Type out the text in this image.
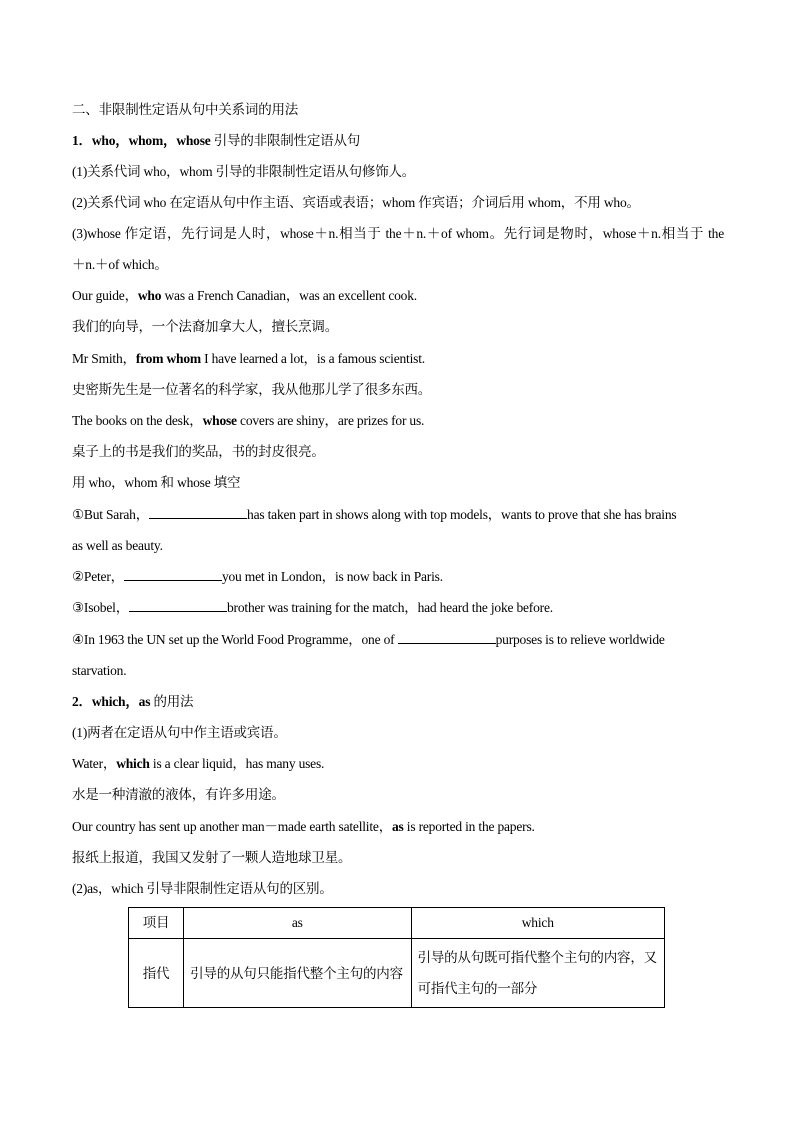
二、非限制性定语从句中关系词的用法
1．who，whom，whose 引导的非限制性定语从句
(1)关系代词 who，whom 引导的非限制性定语从句修饰人。
(2)关系代词 who 在定语从句中作主语、宾语或表语；whom 作宾语；介词后用 whom，不用 who。
(3)whose 作定语，先行词是人时，whose＋n.相当于 the＋n.＋of whom。先行词是物时，whose＋n.相当于 the
＋n.＋of which。
Our guide，who was a French Canadian，was an excellent cook.
我们的向导，一个法裔加拿大人，擅长烹调。
Mr Smith，from whom I have learned a lot，is a famous scientist.
史密斯先生是一位著名的科学家，我从他那儿学了很多东西。
The books on the desk，whose covers are shiny，are prizes for us.
桌子上的书是我们的奖品，书的封皮很亮。
用 who，whom 和 whose 填空
①But Sarah，	has taken part in shows along with top models，wants to prove that she has brains
as well as beauty.
②Peter，	you met in London，is now back in Paris.
③Isobel，	brother was training for the match，had heard the joke before.
④In 1963 the UN set up the World Food Programme，one of	purposes is to relieve worldwide
starvation.
2．which，as 的用法
(1)两者在定语从句中作主语或宾语。
Water，which is a clear liquid，has many uses.
水是一种清澈的液体，有许多用途。
Our country has sent up another man－made earth satellite，as is reported in the papers.
报纸上报道，我国又发射了一颗人造地球卫星。
(2)as，which 引导非限制性定语从句的区别。
项目	as	which
指代	引导的从句只能指代整个主句的内容	引导的从句既可指代整个主句的内容，又可指代主句的一部分
